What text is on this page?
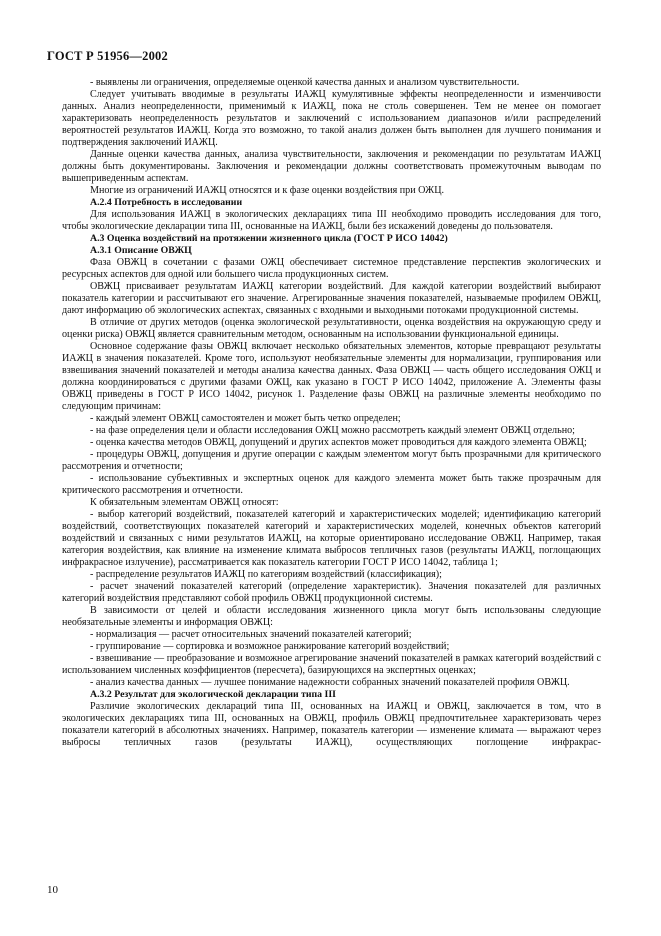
ГОСТ Р 51956—2002
- выявлены ли ограничения, определяемые оценкой качества данных и анализом чувствительности.
Следует учитывать вводимые в результаты ИАЖЦ кумулятивные эффекты неопределенности и изменчивости данных. Анализ неопределенности, применимый к ИАЖЦ, пока не столь совершенен. Тем не менее он помогает характеризовать неопределенность результатов и заключений с использованием диапазонов и/или распределений вероятностей результатов ИАЖЦ. Когда это возможно, то такой анализ должен быть выполнен для лучшего понимания и подтверждения заключений ИАЖЦ.
Данные оценки качества данных, анализа чувствительности, заключения и рекомендации по результатам ИАЖЦ должны быть документированы. Заключения и рекомендации должны соответствовать промежуточным выводам по вышеприведенным аспектам.
Многие из ограничений ИАЖЦ относятся и к фазе оценки воздействия при ОЖЦ.
А.2.4 Потребность в исследовании
Для использования ИАЖЦ в экологических декларациях типа III необходимо проводить исследования для того, чтобы экологические декларации типа III, основанные на ИАЖЦ, были без искажений доведены до пользователя.
А.3 Оценка воздействий на протяжении жизненного цикла (ГОСТ Р ИСО 14042)
А.3.1 Описание ОВЖЦ
Фаза ОВЖЦ в сочетании с фазами ОЖЦ обеспечивает системное представление перспектив экологических и ресурсных аспектов для одной или большего числа продукционных систем.
ОВЖЦ присваивает результатам ИАЖЦ категории воздействий. Для каждой категории воздействий выбирают показатель категории и рассчитывают его значение. Агрегированные значения показателей, называемые профилем ОВЖЦ, дают информацию об экологических аспектах, связанных с входными и выходными потоками продукционной системы.
В отличие от других методов (оценка экологической результативности, оценка воздействия на окружающую среду и оценки риска) ОВЖЦ является сравнительным методом, основанным на использовании функциональной единицы.
Основное содержание фазы ОВЖЦ включает несколько обязательных элементов, которые превращают результаты ИАЖЦ в значения показателей. Кроме того, используют необязательные элементы для нормализации, группирования или взвешивания значений показателей и методы анализа качества данных. Фаза ОВЖЦ — часть общего исследования ОЖЦ и должна координироваться с другими фазами ОЖЦ, как указано в ГОСТ Р ИСО 14042, приложение А. Элементы фазы ОВЖЦ приведены в ГОСТ Р ИСО 14042, рисунок 1. Разделение фазы ОВЖЦ на различные элементы необходимо по следующим причинам:
- каждый элемент ОВЖЦ самостоятелен и может быть четко определен;
- на фазе определения цели и области исследования ОЖЦ можно рассмотреть каждый элемент ОВЖЦ отдельно;
- оценка качества методов ОВЖЦ, допущений и других аспектов может проводиться для каждого элемента ОВЖЦ;
- процедуры ОВЖЦ, допущения и другие операции с каждым элементом могут быть прозрачными для критического рассмотрения и отчетности;
- использование субъективных и экспертных оценок для каждого элемента может быть также прозрачным для критического рассмотрения и отчетности.
К обязательным элементам ОВЖЦ относят:
- выбор категорий воздействий, показателей категорий и характеристических моделей; идентификацию категорий воздействий, соответствующих показателей категорий и характеристических моделей, конечных объектов категорий воздействий и связанных с ними результатов ИАЖЦ, на которые ориентировано исследование ОВЖЦ. Например, такая категория воздействия, как влияние на изменение климата выбросов тепличных газов (результаты ИАЖЦ, поглощающих инфракрасное излучение), рассматривается как показатель категории ГОСТ Р ИСО 14042, таблица 1;
- распределение результатов ИАЖЦ по категориям воздействий (классификация);
- расчет значений показателей категорий (определение характеристик). Значения показателей для различных категорий воздействия представляют собой профиль ОВЖЦ продукционной системы.
В зависимости от целей и области исследования жизненного цикла могут быть использованы следующие необязательные элементы и информация ОВЖЦ:
- нормализация — расчет относительных значений показателей категорий;
- группирование — сортировка и возможное ранжирование категорий воздействий;
- взвешивание — преобразование и возможное агрегирование значений показателей в рамках категорий воздействий с использованием численных коэффициентов (пересчета), базирующихся на экспертных оценках;
- анализ качества данных — лучшее понимание надежности собранных значений показателей профиля ОВЖЦ.
А.3.2 Результат для экологической декларации типа III
Различие экологических деклараций типа III, основанных на ИАЖЦ и ОВЖЦ, заключается в том, что в экологических декларациях типа III, основанных на ОВЖЦ, профиль ОВЖЦ предпочтительнее характеризовать через показатели категорий в абсолютных значениях. Например, показатель категории — изменение климата — выражают через выбросы тепличных газов (результаты ИАЖЦ), осуществляющих поглощение инфракрас-
10
